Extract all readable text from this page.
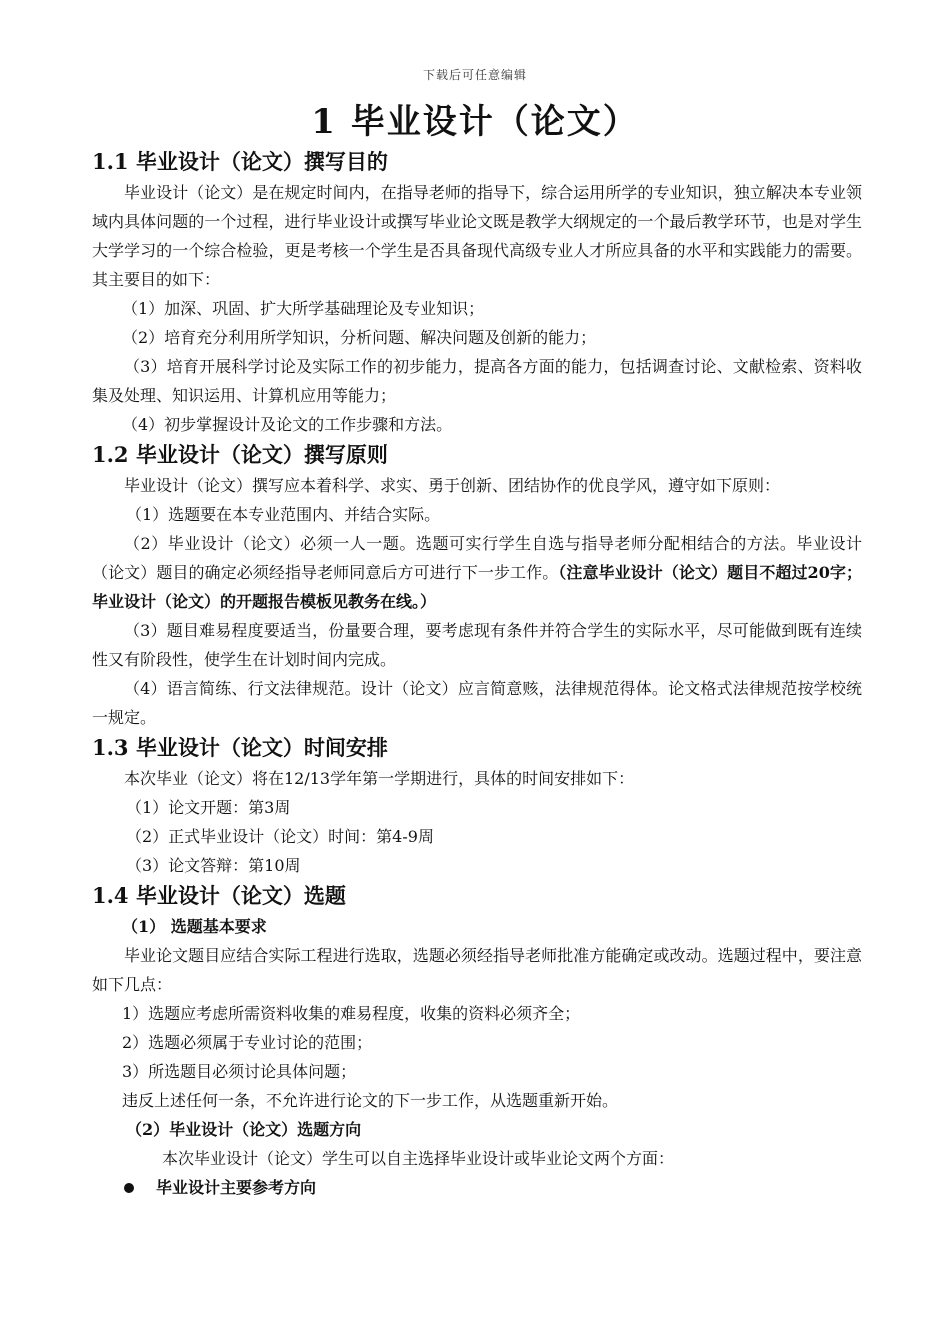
下载后可任意编辑
1 毕业设计（论文）
1.1 毕业设计（论文）撰写目的

毕业设计（论文）是在规定时间内，在指导老师的指导下，综合运用所学的专业知识，独立解决本专业领域内具体问题的一个过程，进行毕业设计或撰写毕业论文既是教学大纲规定的一个最后教学环节，也是对学生大学学习的一个综合检验，更是考核一个学生是否具备现代高级专业人才所应具备的水平和实践能力的需要。其主要目的如下：

（1）加深、巩固、扩大所学基础理论及专业知识；
（2）培育充分利用所学知识，分析问题、解决问题及创新的能力；

（3）培育开展科学讨论及实际工作的初步能力，提高各方面的能力，包括调查讨论、文献检索、资料收集及处理、知识运用、计算机应用等能力；

（4）初步掌握设计及论文的工作步骤和方法。
1.2 毕业设计（论文）撰写原则

毕业设计（论文）撰写应本着科学、求实、勇于创新、团结协作的优良学风，遵守如下原则：

（1）选题要在本专业范围内、并结合实际。

（2）毕业设计（论文）必须一人一题。选题可实行学生自选与指导老师分配相结合的方法。毕业设计（论文）题目的确定必须经指导老师同意后方可进行下一步工作。（注意毕业设计（论文）题目不超过20字；毕业设计（论文）的开题报告模板见教务在线。）

（3）题目难易程度要适当，份量要合理，要考虑现有条件并符合学生的实际水平，尽可能做到既有连续性又有阶段性，使学生在计划时间内完成。

（4）语言简练、行文法律规范。设计（论文）应言简意赅，法律规范得体。论文格式法律规范按学校统一规定。

1.3 毕业设计（论文）时间安排

本次毕业（论文）将在12/13学年第一学期进行，具体的时间安排如下：

（1）论文开题：第3周
（2）正式毕业设计（论文）时间：第4-9周
（3）论文答辩：第10周
1.4 毕业设计（论文）选题
（1） 选题基本要求

毕业论文题目应结合实际工程进行选取，选题必须经指导老师批准方能确定或改动。选题过程中，要注意如下几点：

1）选题应考虑所需资料收集的难易程度，收集的资料必须齐全；
2）选题必须属于专业讨论的范围；
3）所选题目必须讨论具体问题；
违反上述任何一条，不允许进行论文的下一步工作，从选题重新开始。
（2）毕业设计（论文）选题方向
本次毕业设计（论文）学生可以自主选择毕业设计或毕业论文两个方面：
毕业设计主要参考方向
